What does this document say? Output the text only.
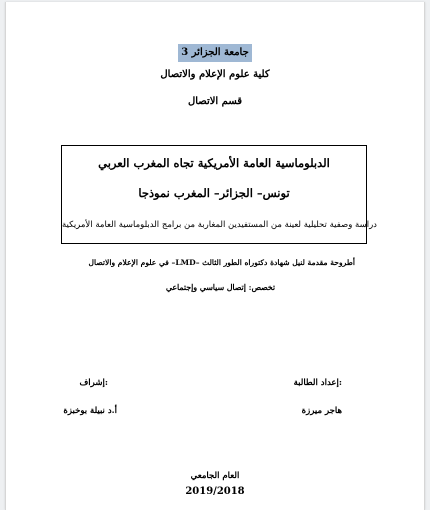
جامعة الجزائر 3
كلية علوم الإعلام والاتصال
قسم الاتصال
الدبلوماسية العامة الأمريكية تجاه المغرب العربي
تونس– الجزائر– المغرب نموذجا
دراسة وصفية تحليلية لعينة من المستفيدين المغاربة من برامج الدبلوماسية العامة الأمريكية
أطروحة مقدمة لنيل شهادة دكتوراه الطور الثالث –LMD– في علوم الإعلام والاتصال
تخصص: إتصال سياسي وإجتماعي
إعداد الطالبة:
إشراف:
هاجر ميرزة
أ.د نبيلة بوخبزة
العام الجامعي
2019/2018
